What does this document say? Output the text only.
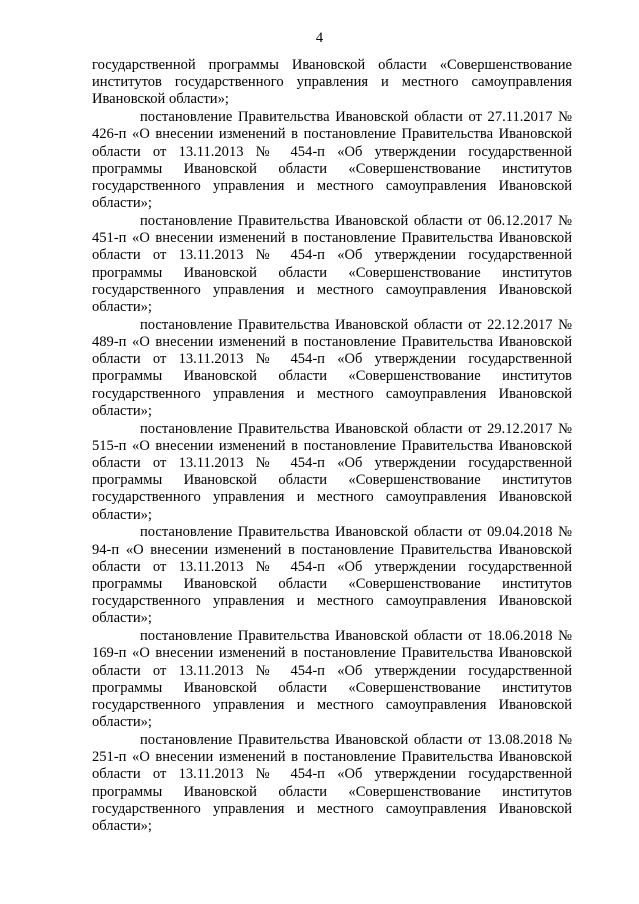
4

государственной программы Ивановской области «Совершенствование институтов государственного управления и местного самоуправления Ивановской области»;

постановление Правительства Ивановской области от 27.11.2017 № 426-п «О внесении изменений в постановление Правительства Ивановской области от 13.11.2013 № 454-п «Об утверждении государственной программы Ивановской области «Совершенствование институтов государственного управления и местного самоуправления Ивановской области»;

постановление Правительства Ивановской области от 06.12.2017 № 451-п «О внесении изменений в постановление Правительства Ивановской области от 13.11.2013 № 454-п «Об утверждении государственной программы Ивановской области «Совершенствование институтов государственного управления и местного самоуправления Ивановской области»;

постановление Правительства Ивановской области от 22.12.2017 № 489-п «О внесении изменений в постановление Правительства Ивановской области от 13.11.2013 № 454-п «Об утверждении государственной программы Ивановской области «Совершенствование институтов государственного управления и местного самоуправления Ивановской области»;

постановление Правительства Ивановской области от 29.12.2017 № 515-п «О внесении изменений в постановление Правительства Ивановской области от 13.11.2013 № 454-п «Об утверждении государственной программы Ивановской области «Совершенствование институтов государственного управления и местного самоуправления Ивановской области»;

постановление Правительства Ивановской области от 09.04.2018 № 94-п «О внесении изменений в постановление Правительства Ивановской области от 13.11.2013 № 454-п «Об утверждении государственной программы Ивановской области «Совершенствование институтов государственного управления и местного самоуправления Ивановской области»;

постановление Правительства Ивановской области от 18.06.2018 № 169-п «О внесении изменений в постановление Правительства Ивановской области от 13.11.2013 № 454-п «Об утверждении государственной программы Ивановской области «Совершенствование институтов государственного управления и местного самоуправления Ивановской области»;

постановление Правительства Ивановской области от 13.08.2018 № 251-п «О внесении изменений в постановление Правительства Ивановской области от 13.11.2013 № 454-п «Об утверждении государственной программы Ивановской области «Совершенствование институтов государственного управления и местного самоуправления Ивановской области»;
